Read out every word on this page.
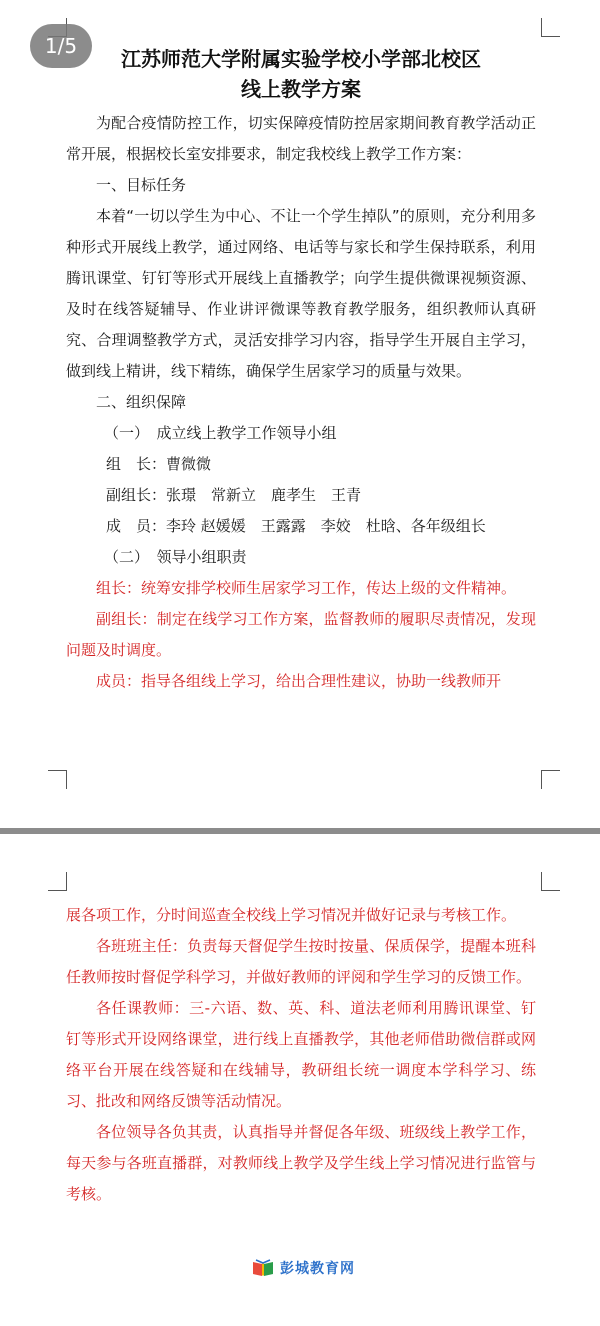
1/5

江苏师范大学附属实验学校小学部北校区

线上教学方案

为配合疫情防控工作，切实保障疫情防控居家期间教育教学活动正常开展，根据校长室安排要求，制定我校线上教学工作方案：

一、目标任务

本着“一切以学生为中心、不让一个学生掉队”的原则，充分利用多种形式开展线上教学，通过网络、电话等与家长和学生保持联系，利用腾讯课堂、钉钉等形式开展线上直播教学；向学生提供微课视频资源、及时在线答疑辅导、作业讲评微课等教育教学服务，组织教师认真研究、合理调整教学方式，灵活安排学习内容，指导学生开展自主学习，做到线上精讲，线下精练，确保学生居家学习的质量与效果。

二、组织保障

（一）　成立线上教学工作领导小组

组　长：曹微微

副组长：张璟　常新立　鹿孝生　王青

成　员：李玲 赵媛媛　王露露　李姣　杜晗、各年级组长

（二）　领导小组职责

组长：统筹安排学校师生居家学习工作，传达上级的文件精神。

副组长：制定在线学习工作方案，监督教师的履职尽责情况，发现问题及时调度。

成员：指导各组线上学习，给出合理性建议，协助一线教师开

展各项工作，分时间巡查全校线上学习情况并做好记录与考核工作。

各班班主任：负责每天督促学生按时按量、保质保学，提醒本班科任教师按时督促学科学习，并做好教师的评阅和学生学习的反馈工作。

各任课教师：三-六语、数、英、科、道法老师利用腾讯课堂、钉钉等形式开设网络课堂，进行线上直播教学，其他老师借助微信群或网络平台开展在线答疑和在线辅导，教研组长统一调度本学科学习、练习、批改和网络反馈等活动情况。

各位领导各负其责，认真指导并督促各年级、班级线上教学工作，每天参与各班直播群，对教师线上教学及学生线上学习情况进行监管与考核。

彭城教育网
